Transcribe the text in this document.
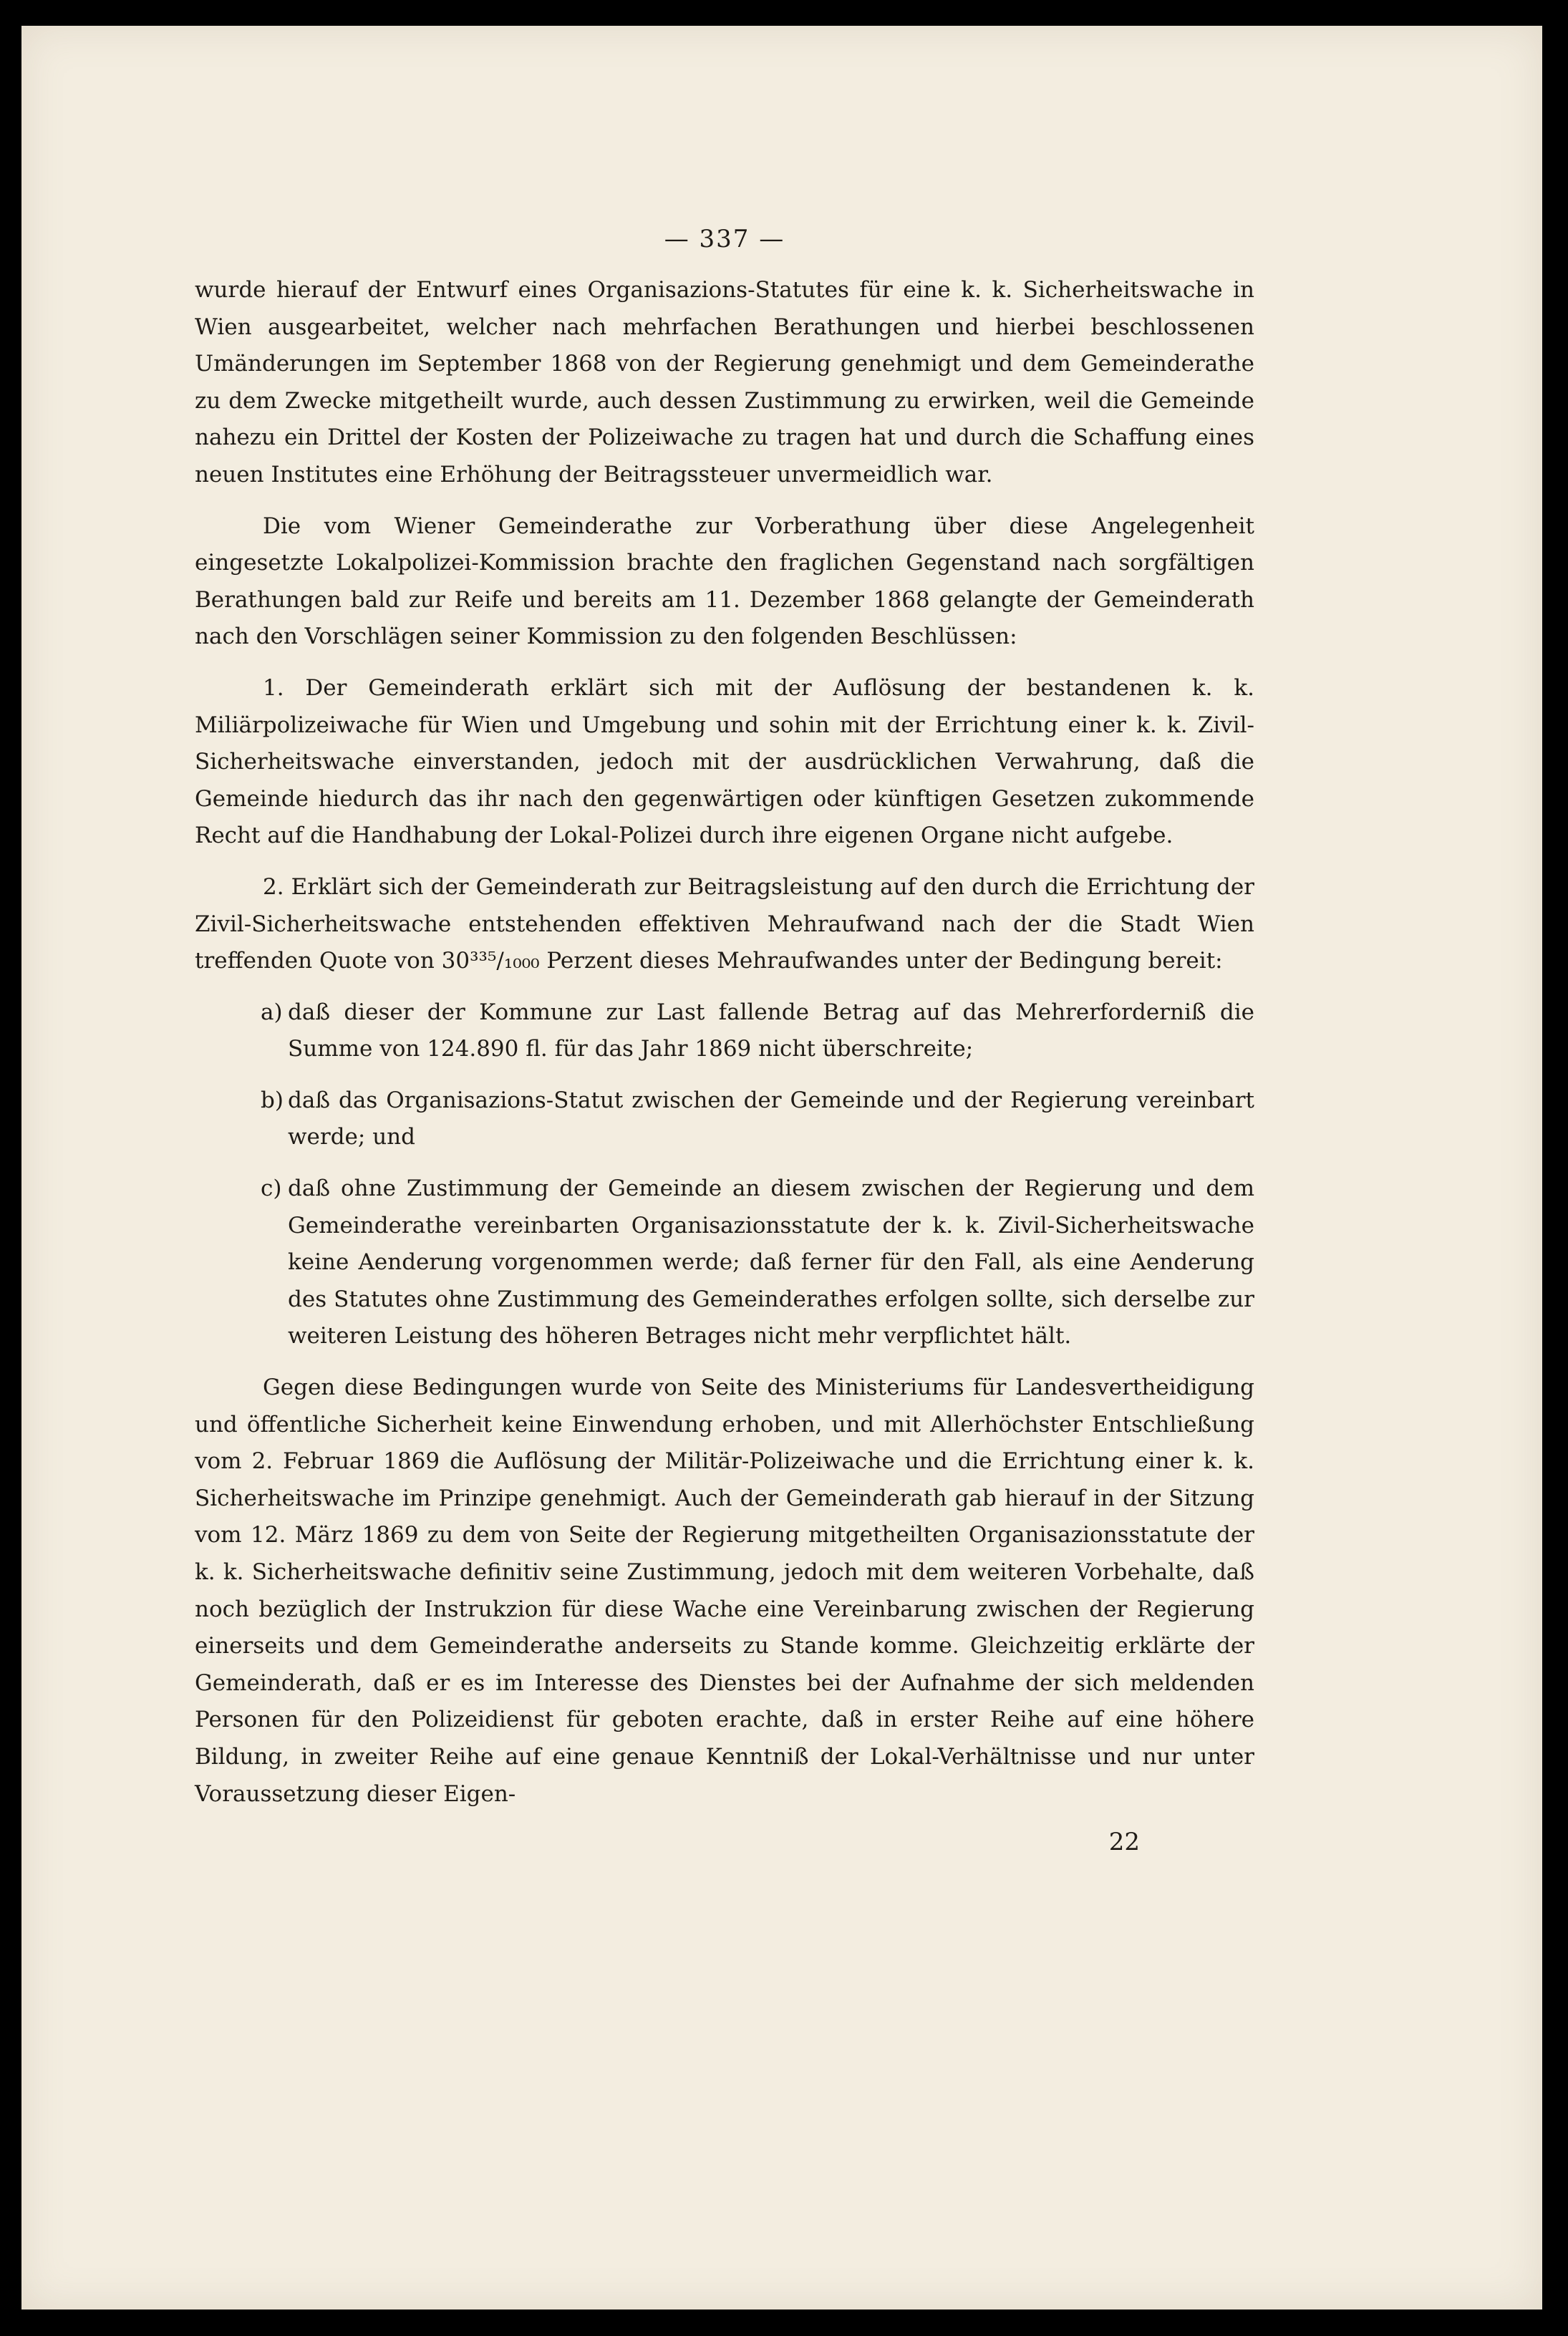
— 337 —

wurde hierauf der Entwurf eines Organisazions-Statutes für eine k. k. Sicherheitswache in Wien ausgearbeitet, welcher nach mehrfachen Berathungen und hierbei beschlossenen Umänderungen im September 1868 von der Regierung genehmigt und dem Gemeinderathe zu dem Zwecke mitgetheilt wurde, auch dessen Zustimmung zu erwirken, weil die Gemeinde nahezu ein Drittel der Kosten der Polizeiwache zu tragen hat und durch die Schaffung eines neuen Institutes eine Erhöhung der Beitragssteuer unvermeidlich war.

Die vom Wiener Gemeinderathe zur Vorberathung über diese Angelegenheit eingesetzte Lokalpolizei-Kommission brachte den fraglichen Gegenstand nach sorgfältigen Berathungen bald zur Reife und bereits am 11. Dezember 1868 gelangte der Gemeinderath nach den Vorschlägen seiner Kommission zu den folgenden Beschlüssen:

1. Der Gemeinderath erklärt sich mit der Auflösung der bestandenen k. k. Miliärpolizeiwache für Wien und Umgebung und sohin mit der Errichtung einer k. k. Zivil-Sicherheitswache einverstanden, jedoch mit der ausdrücklichen Verwahrung, daß die Gemeinde hiedurch das ihr nach den gegenwärtigen oder künftigen Gesetzen zukommende Recht auf die Handhabung der Lokal-Polizei durch ihre eigenen Organe nicht aufgebe.

2. Erklärt sich der Gemeinderath zur Beitragsleistung auf den durch die Errichtung der Zivil-Sicherheitswache entstehenden effektiven Mehraufwand nach der die Stadt Wien treffenden Quote von 30³³⁵/₁₀₀₀ Perzent dieses Mehraufwandes unter der Bedingung bereit:

a) daß dieser der Kommune zur Last fallende Betrag auf das Mehrerforderniß die Summe von 124.890 fl. für das Jahr 1869 nicht überschreite;
b) daß das Organisazions-Statut zwischen der Gemeinde und der Regierung vereinbart werde; und
c) daß ohne Zustimmung der Gemeinde an diesem zwischen der Regierung und dem Gemeinderathe vereinbarten Organisazionsstatute der k. k. Zivil-Sicherheitswache keine Aenderung vorgenommen werde; daß ferner für den Fall, als eine Aenderung des Statutes ohne Zustimmung des Gemeinderathes erfolgen sollte, sich derselbe zur weiteren Leistung des höheren Betrages nicht mehr verpflichtet hält.

Gegen diese Bedingungen wurde von Seite des Ministeriums für Landesvertheidigung und öffentliche Sicherheit keine Einwendung erhoben, und mit Allerhöchster Entschließung vom 2. Februar 1869 die Auflösung der Militär-Polizeiwache und die Errichtung einer k. k. Sicherheitswache im Prinzipe genehmigt. Auch der Gemeinderath gab hierauf in der Sitzung vom 12. März 1869 zu dem von Seite der Regierung mitgetheilten Organisazionsstatute der k. k. Sicherheitswache definitiv seine Zustimmung, jedoch mit dem weiteren Vorbehalte, daß noch bezüglich der Instrukzion für diese Wache eine Vereinbarung zwischen der Regierung einerseits und dem Gemeinderathe anderseits zu Stande komme. Gleichzeitig erklärte der Gemeinderath, daß er es im Interesse des Dienstes bei der Aufnahme der sich meldenden Personen für den Polizeidienst für geboten erachte, daß in erster Reihe auf eine höhere Bildung, in zweiter Reihe auf eine genaue Kenntniß der Lokal-Verhältnisse und nur unter Voraussetzung dieser Eigen-

22
